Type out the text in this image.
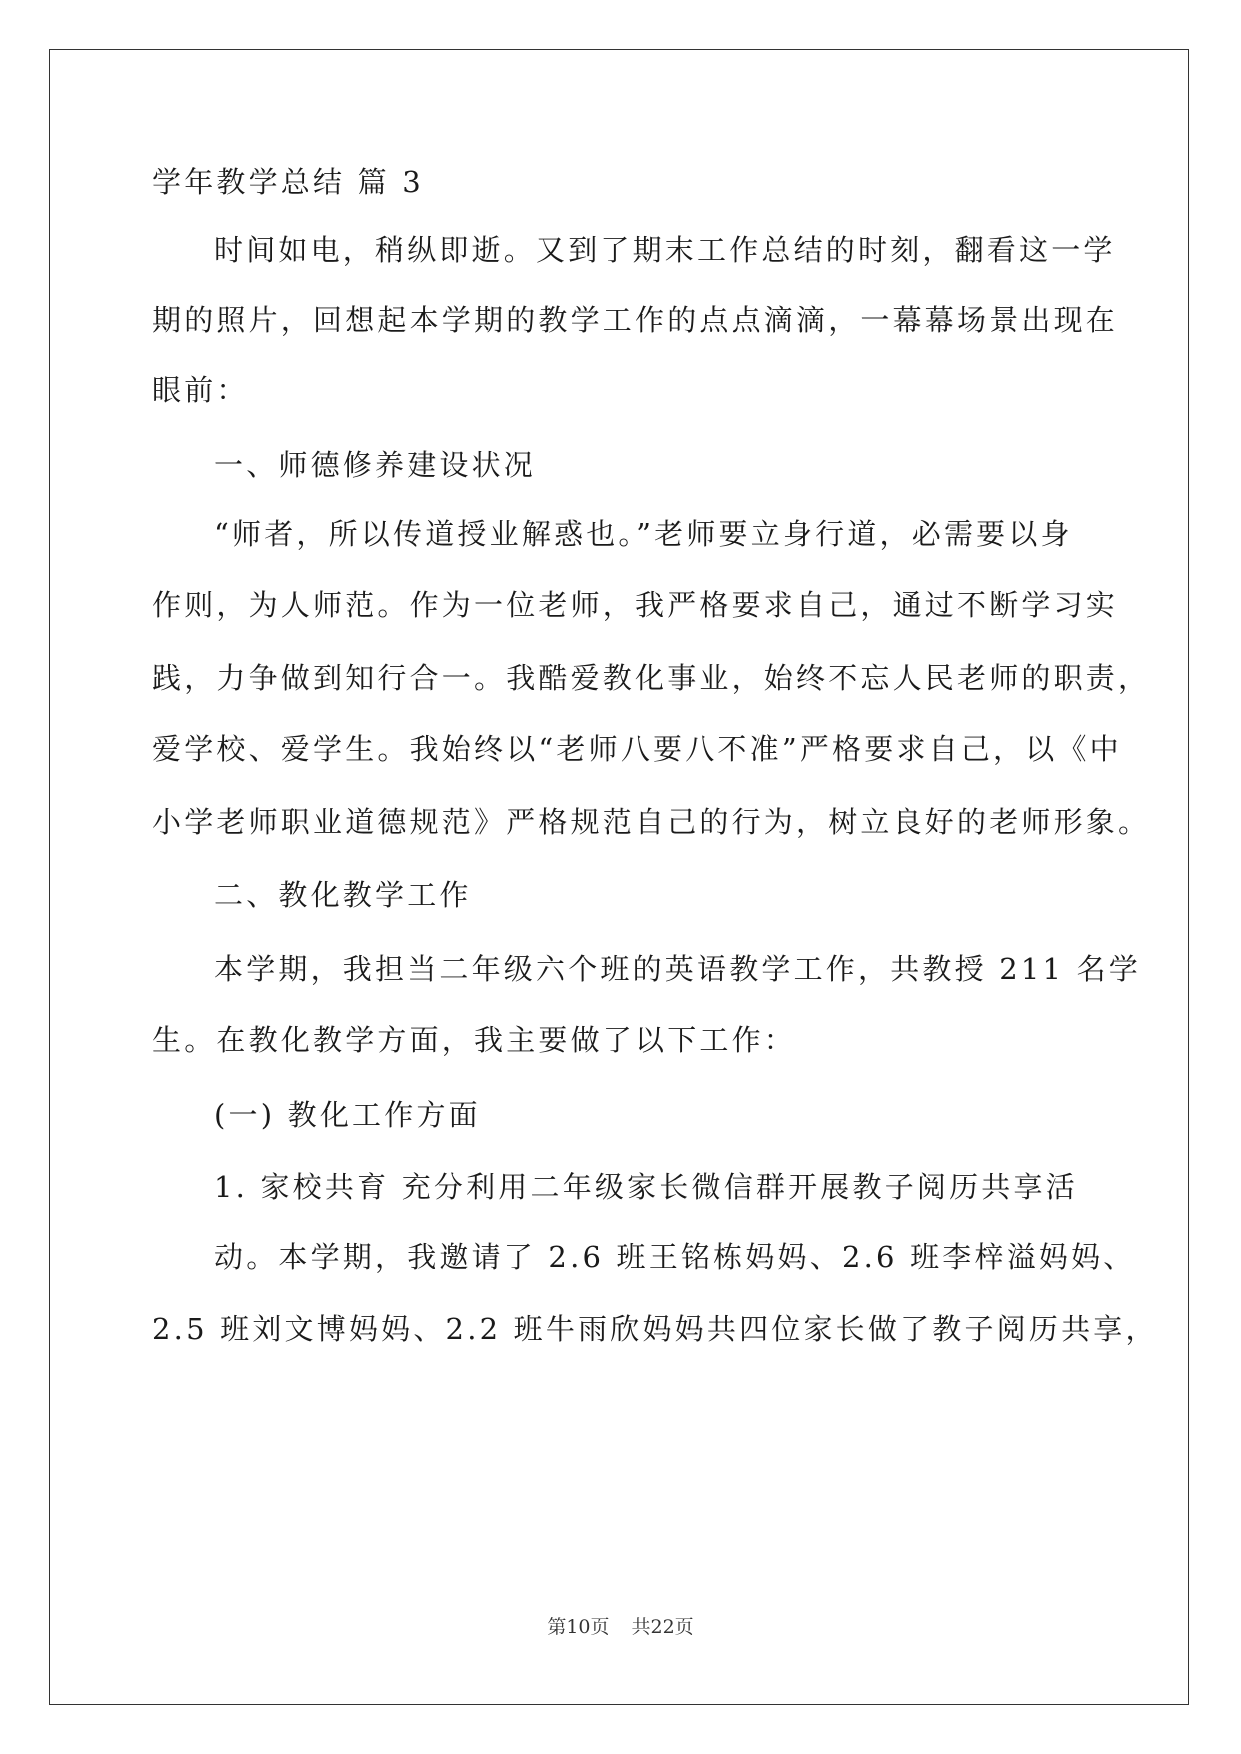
学年教学总结 篇 3
时间如电，稍纵即逝。又到了期末工作总结的时刻，翻看这一学
期的照片，回想起本学期的教学工作的点点滴滴，一幕幕场景出现在
眼前：
一、师德修养建设状况
“师者，所以传道授业解惑也。”老师要立身行道，必需要以身
作则，为人师范。作为一位老师，我严格要求自己，通过不断学习实
践，力争做到知行合一。我酷爱教化事业，始终不忘人民老师的职责，
爱学校、爱学生。我始终以“老师八要八不准”严格要求自己，以《中
小学老师职业道德规范》严格规范自己的行为，树立良好的老师形象。
二、教化教学工作
本学期，我担当二年级六个班的英语教学工作，共教授 211 名学
生。在教化教学方面，我主要做了以下工作：
(一) 教化工作方面
1. 家校共育 充分利用二年级家长微信群开展教子阅历共享活
动。本学期，我邀请了 2.6 班王铭栋妈妈、2.6 班李梓溢妈妈、
2.5 班刘文博妈妈、2.2 班牛雨欣妈妈共四位家长做了教子阅历共享，
第10页 共22页
